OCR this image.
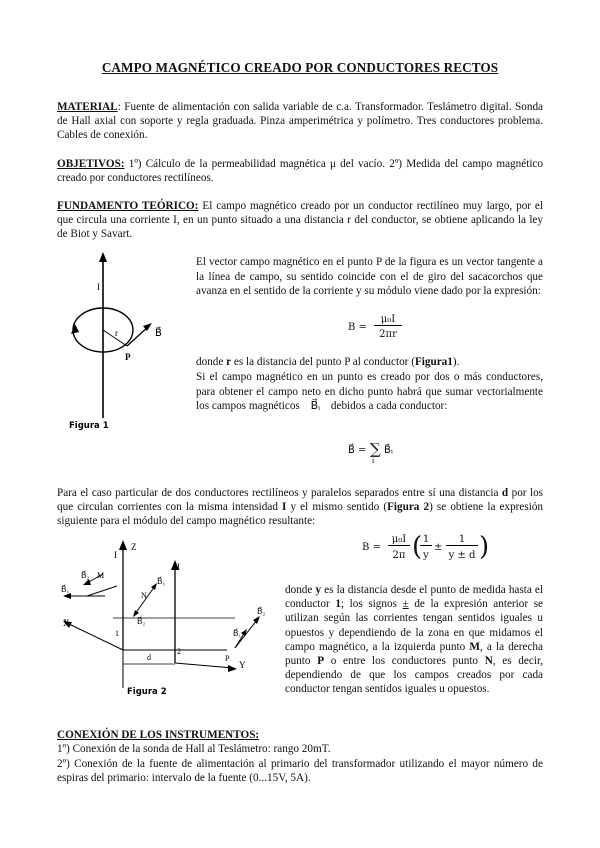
CAMPO MAGNÉTICO CREADO POR CONDUCTORES RECTOS
MATERIAL: Fuente de alimentación con salida variable de c.a. Transformador. Teslámetro digital. Sonda de Hall axial con soporte y regla graduada. Pinza amperimétrica y polímetro. Tres conductores problema. Cables de conexión.
OBJETIVOS: 1º) Cálculo de la permeabilidad magnética μ del vacío. 2º) Medida del campo magnético creado por conductores rectilíneos.
FUNDAMENTO TEÓRICO: El campo magnético creado por un conductor rectilíneo muy largo, por el que circula una corriente I, en un punto situado a una distancia r del conductor, se obtiene aplicando la ley de Biot y Savart.
I
r
P
B⃗
Figura 1
El vector campo magnético en el punto P de la figura es un vector tangente a la línea de campo, su sentido coincide con el de giro del sacacorchos que avanza en el sentido de la corriente y su módulo viene dado por la expresión:
B =
μ₀I
2πr
donde r es la distancia del punto P al conductor (Figura1).
Si el campo magnético en un punto es creado por dos o más conductores, para obtener el campo neto en dicho punto habrá que sumar vectorialmente los campos magnéticos B⃗ᵢ debidos a cada conductor:
B⃗ = ∑
i
B⃗ᵢ
Para el caso particular de dos conductores rectilíneos y paralelos separados entre sí una distancia d por los que circulan corrientes con la misma intensidad I y el mismo sentido (Figura 2) se obtiene la expresión siguiente para el módulo del campo magnético resultante:
B =
μ₀I
2π ( 1
y
±
1
y ± d )
Z
X
Y
I
I
1
2
M
N
P
d
B⃗₁
B⃗₂
B⃗₁
B⃗₂
B⃗₂
B⃗₁
Figura 2
donde y es la distancia desde el punto de medida hasta el conductor 1; los signos ± de la expresión anterior se utilizan según las corrientes tengan sentidos iguales u opuestos y dependiendo de la zona en que midamos el campo magnético, a la izquierda punto M, a la derecha punto P o entre los conductores punto N, es decir, dependiendo de que los campos creados por cada conductor tengan sentidos iguales u opuestos.
CONEXIÓN DE LOS INSTRUMENTOS:
1º) Conexión de la sonda de Hall al Teslámetro: rango 20mT.
2º) Conexión de la fuente de alimentación al primario del transformador utilizando el mayor número de espiras del primario: intervalo de la fuente (0...15V, 5A).
